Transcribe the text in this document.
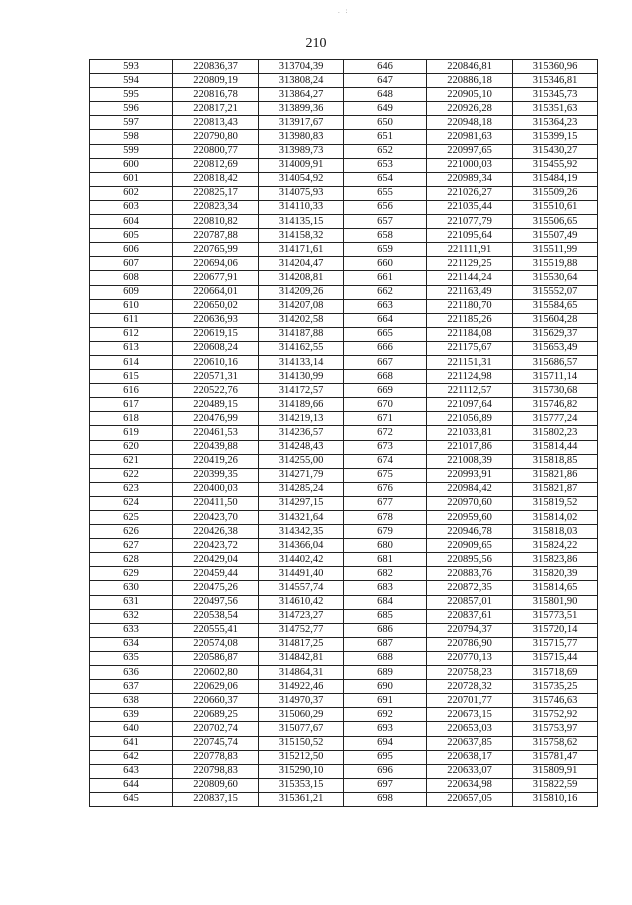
. :
210
593	220836,37	313704,39	646	220846,81	315360,96
594	220809,19	313808,24	647	220886,18	315346,81
595	220816,78	313864,27	648	220905,10	315345,73
596	220817,21	313899,36	649	220926,28	315351,63
597	220813,43	313917,67	650	220948,18	315364,23
598	220790,80	313980,83	651	220981,63	315399,15
599	220800,77	313989,73	652	220997,65	315430,27
600	220812,69	314009,91	653	221000,03	315455,92
601	220818,42	314054,92	654	220989,34	315484,19
602	220825,17	314075,93	655	221026,27	315509,26
603	220823,34	314110,33	656	221035,44	315510,61
604	220810,82	314135,15	657	221077,79	315506,65
605	220787,88	314158,32	658	221095,64	315507,49
606	220765,99	314171,61	659	221111,91	315511,99
607	220694,06	314204,47	660	221129,25	315519,88
608	220677,91	314208,81	661	221144,24	315530,64
609	220664,01	314209,26	662	221163,49	315552,07
610	220650,02	314207,08	663	221180,70	315584,65
611	220636,93	314202,58	664	221185,26	315604,28
612	220619,15	314187,88	665	221184,08	315629,37
613	220608,24	314162,55	666	221175,67	315653,49
614	220610,16	314133,14	667	221151,31	315686,57
615	220571,31	314130,99	668	221124,98	315711,14
616	220522,76	314172,57	669	221112,57	315730,68
617	220489,15	314189,66	670	221097,64	315746,82
618	220476,99	314219,13	671	221056,89	315777,24
619	220461,53	314236,57	672	221033,81	315802,23
620	220439,88	314248,43	673	221017,86	315814,44
621	220419,26	314255,00	674	221008,39	315818,85
622	220399,35	314271,79	675	220993,91	315821,86
623	220400,03	314285,24	676	220984,42	315821,87
624	220411,50	314297,15	677	220970,60	315819,52
625	220423,70	314321,64	678	220959,60	315814,02
626	220426,38	314342,35	679	220946,78	315818,03
627	220423,72	314366,04	680	220909,65	315824,22
628	220429,04	314402,42	681	220895,56	315823,86
629	220459,44	314491,40	682	220883,76	315820,39
630	220475,26	314557,74	683	220872,35	315814,65
631	220497,56	314610,42	684	220857,01	315801,90
632	220538,54	314723,27	685	220837,61	315773,51
633	220555,41	314752,77	686	220794,37	315720,14
634	220574,08	314817,25	687	220786,90	315715,77
635	220586,87	314842,81	688	220770,13	315715,44
636	220602,80	314864,31	689	220758,23	315718,69
637	220629,06	314922,46	690	220728,32	315735,25
638	220660,37	314970,37	691	220701,77	315746,63
639	220689,25	315060,29	692	220673,15	315752,92
640	220702,74	315077,67	693	220653,03	315753,97
641	220745,74	315150,52	694	220637,85	315758,62
642	220778,83	315212,50	695	220638,17	315781,47
643	220798,83	315290,10	696	220633,07	315809,91
644	220809,60	315353,15	697	220634,98	315822,59
645	220837,15	315361,21	698	220657,05	315810,16
